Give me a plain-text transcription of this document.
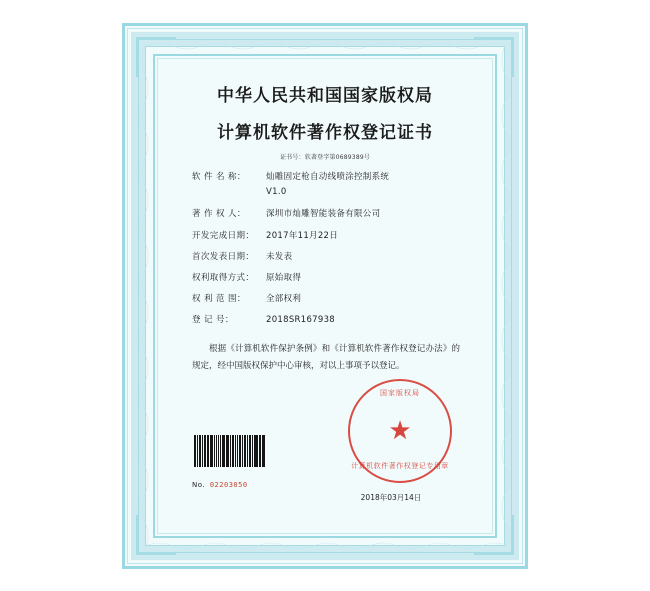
中华人民共和国国家版权局
计算机软件著作权登记证书
证书号：软著登字第0689389号
软 件 名 称：	灿雕固定枪自动线喷涂控制系统
V1.0
著 作 权 人：	深圳市灿雕智能装备有限公司
开发完成日期：	2017年11月22日
首次发表日期：	未发表
权利取得方式：	原始取得
权 利 范 围：	全部权利
登 记 号：	2018SR167938
根据《计算机软件保护条例》和《计算机软件著作权登记办法》的规定，经中国版权保护中心审核，对以上事项予以登记。
No. 02203050
国家版权局
★
计算机软件著作权登记专用章
2018年03月14日
